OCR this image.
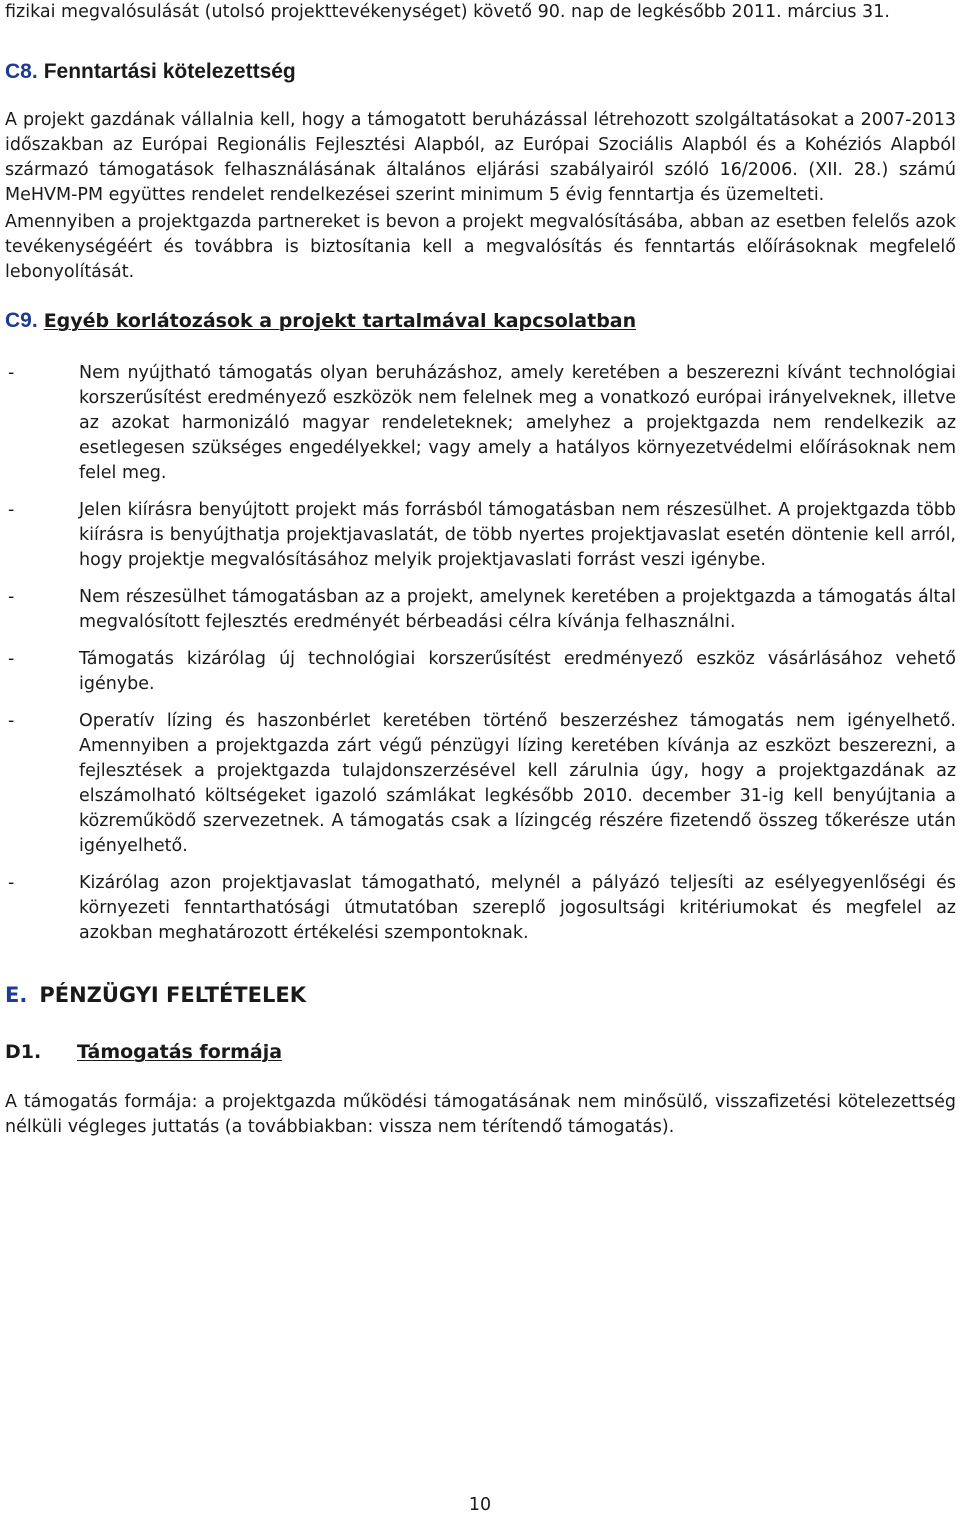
fizikai megvalósulását (utolsó projekttevékenységet) követő 90. nap de legkésőbb 2011. március 31.

C8. Fenntartási kötelezettség

A projekt gazdának vállalnia kell, hogy a támogatott beruházással létrehozott szolgáltatásokat a 2007-2013 időszakban az Európai Regionális Fejlesztési Alapból, az Európai Szociális Alapból és a Kohéziós Alapból származó támogatások felhasználásának általános eljárási szabályairól szóló 16/2006. (XII. 28.) számú MeHVM-PM együttes rendelet rendelkezései szerint minimum 5 évig fenntartja és üzemelteti.

Amennyiben a projektgazda partnereket is bevon a projekt megvalósításába, abban az esetben felelős azok tevékenységéért és továbbra is biztosítania kell a megvalósítás és fenntartás előírásoknak megfelelő lebonyolítását.

C9. Egyéb korlátozások a projekt tartalmával kapcsolatban
-	Nem nyújtható támogatás olyan beruházáshoz, amely keretében a beszerezni kívánt technológiai korszerűsítést eredményező eszközök nem felelnek meg a vonatkozó európai irányelveknek, illetve az azokat harmonizáló magyar rendeleteknek; amelyhez a projektgazda nem rendelkezik az esetlegesen szükséges engedélyekkel; vagy amely a hatályos környezetvédelmi előírásoknak nem felel meg.

-	Jelen kiírásra benyújtott projekt más forrásból támogatásban nem részesülhet. A projektgazda több kiírásra is benyújthatja projektjavaslatát, de több nyertes projektjavaslat esetén döntenie kell arról, hogy projektje megvalósításához melyik projektjavaslati forrást veszi igénybe.

-	Nem részesülhet támogatásban az a projekt, amelynek keretében a projektgazda a támogatás által megvalósított fejlesztés eredményét bérbeadási célra kívánja felhasználni.

-	Támogatás kizárólag új technológiai korszerűsítést eredményező eszköz vásárlásához vehető igénybe.

-	Operatív lízing és haszonbérlet keretében történő beszerzéshez támogatás nem igényelhető. Amennyiben a projektgazda zárt végű pénzügyi lízing keretében kívánja az eszközt beszerezni, a fejlesztések a projektgazda tulajdonszerzésével kell zárulnia úgy, hogy a projektgazdának az elszámolható költségeket igazoló számlákat legkésőbb 2010. december 31-ig kell benyújtania a közreműködő szervezetnek. A támogatás csak a lízingcég részére fizetendő összeg tőkerésze után igényelhető.

-	Kizárólag azon projektjavaslat támogatható, melynél a pályázó teljesíti az esélyegyenlőségi és környezeti fenntarthatósági útmutatóban szereplő jogosultsági kritériumokat és megfelel az azokban meghatározott értékelési szempontoknak.

E. PÉNZÜGYI FELTÉTELEK
D1.	Támogatás formája

A támogatás formája: a projektgazda működési támogatásának nem minősülő, visszafizetési kötelezettség nélküli végleges juttatás (a továbbiakban: vissza nem térítendő támogatás).

10
